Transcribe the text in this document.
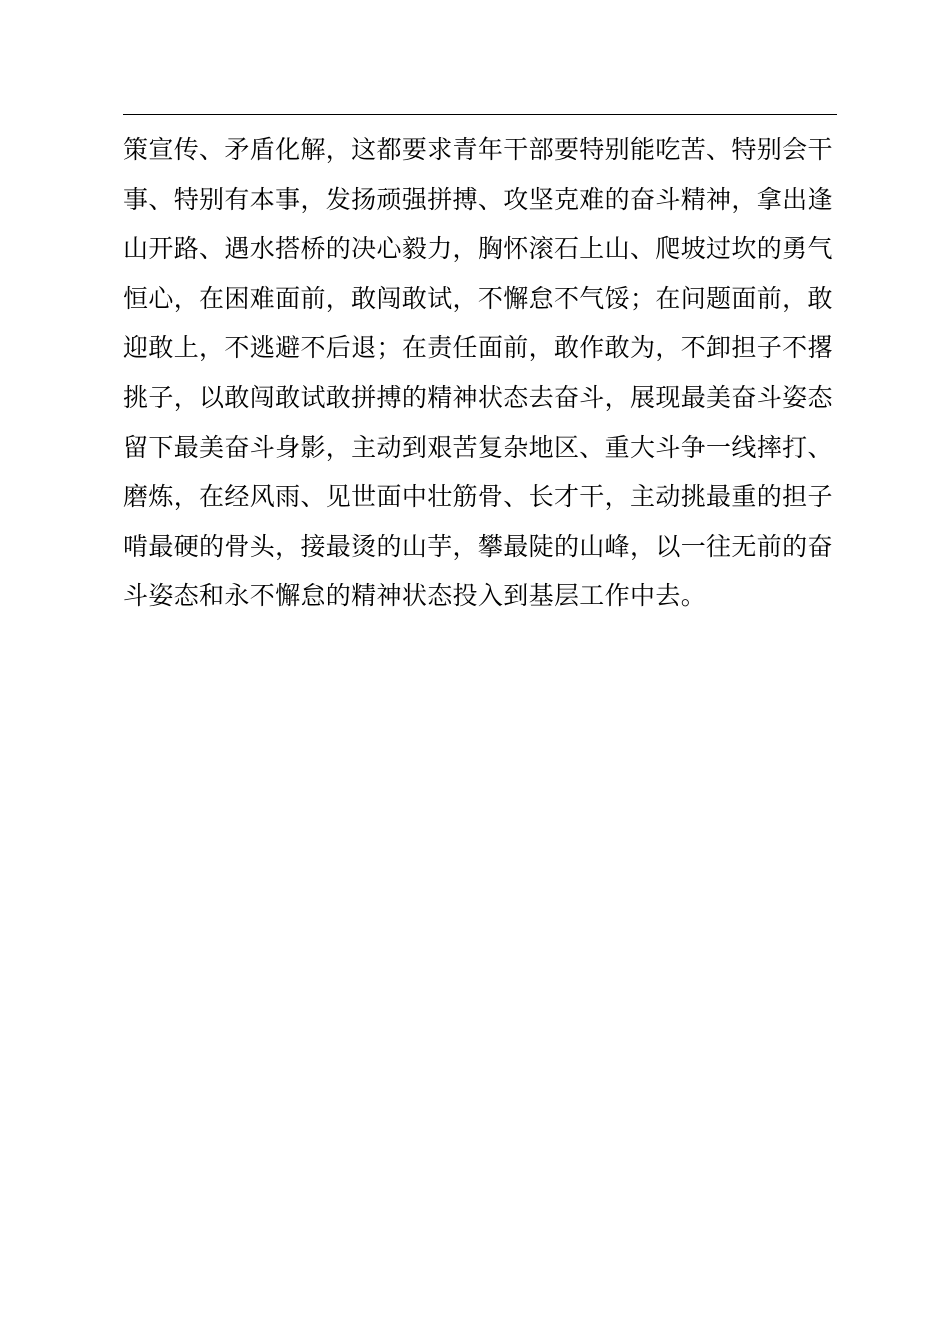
策宣传、矛盾化解，这都要求青年干部要特别能吃苦、特别会干
事、特别有本事，发扬顽强拼搏、攻坚克难的奋斗精神，拿出逢
山开路、遇水搭桥的决心毅力，胸怀滚石上山、爬坡过坎的勇气
恒心，在困难面前，敢闯敢试，不懈怠不气馁；在问题面前，敢
迎敢上，不逃避不后退；在责任面前，敢作敢为，不卸担子不撂
挑子，以敢闯敢试敢拼搏的精神状态去奋斗，展现最美奋斗姿态
留下最美奋斗身影，主动到艰苦复杂地区、重大斗争一线摔打、
磨炼，在经风雨、见世面中壮筋骨、长才干，主动挑最重的担子
啃最硬的骨头，接最烫的山芋，攀最陡的山峰，以一往无前的奋
斗姿态和永不懈怠的精神状态投入到基层工作中去。
